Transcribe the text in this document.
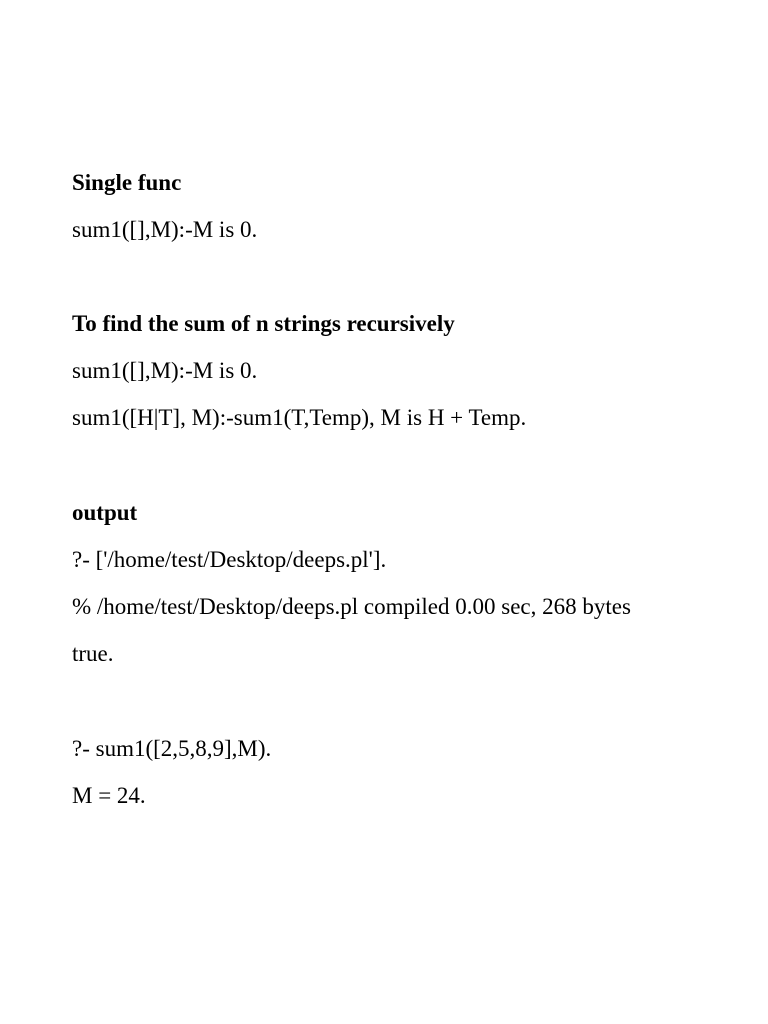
Single func

sum1([],M):-M is 0.

To find the sum of n strings recursively

sum1([],M):-M is 0.

sum1([H|T], M):-sum1(T,Temp), M is H + Temp.

output

?- ['/home/test/Desktop/deeps.pl'].

% /home/test/Desktop/deeps.pl compiled 0.00 sec, 268 bytes

true.

?- sum1([2,5,8,9],M).

M = 24.
